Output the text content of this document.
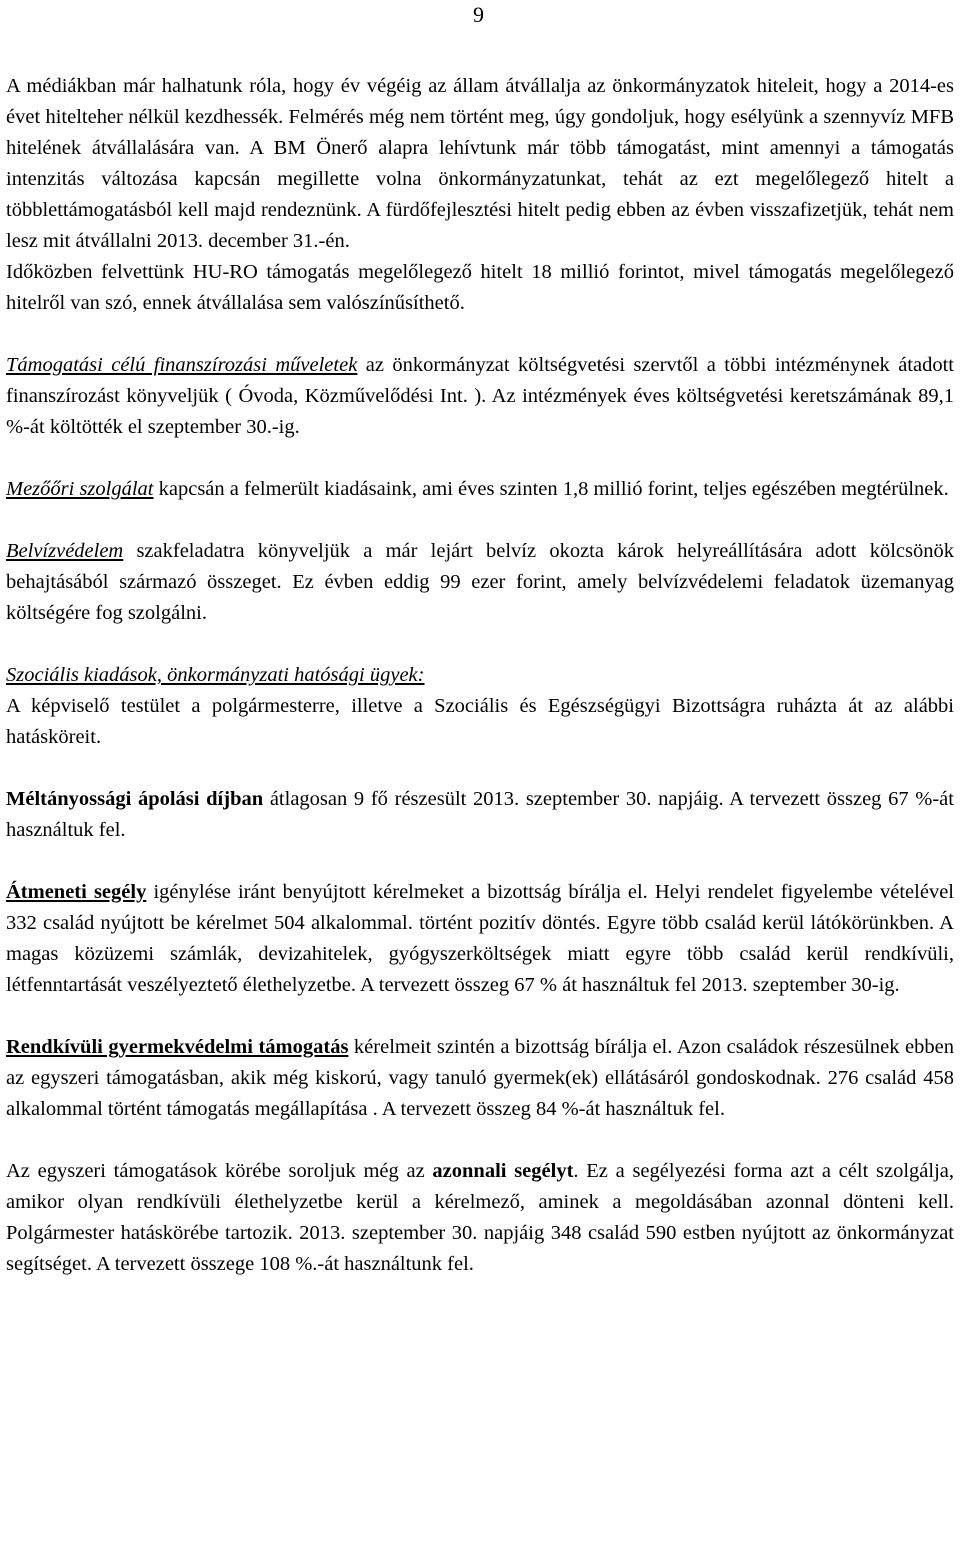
9

A médiákban már halhatunk róla, hogy év végéig az állam átvállalja az önkormányzatok hiteleit, hogy a 2014-es évet hitelteher nélkül kezdhessék. Felmérés még nem történt meg, úgy gondoljuk, hogy esélyünk a szennyvíz MFB hitelének átvállalására van. A BM Önerő alapra lehívtunk már több támogatást, mint amennyi a támogatás intenzitás változása kapcsán megillette volna önkormányzatunkat, tehát az ezt megelőlegező hitelt a többlettámogatásból kell majd rendeznünk. A fürdőfejlesztési hitelt pedig ebben az évben visszafizetjük, tehát nem lesz mit átvállalni 2013. december 31.-én.

Időközben felvettünk HU-RO támogatás megelőlegező hitelt 18 millió forintot, mivel támogatás megelőlegező hitelről van szó, ennek átvállalása sem valószínűsíthető.

Támogatási célú finanszírozási műveletek az önkormányzat költségvetési szervtől a többi intézménynek átadott finanszírozást könyveljük ( Óvoda, Közművelődési Int. ). Az intézmények éves költségvetési keretszámának 89,1 %-át költötték el szeptember 30.-ig.

Mezőőri szolgálat kapcsán a felmerült kiadásaink, ami éves szinten 1,8 millió forint, teljes egészében megtérülnek.

Belvízvédelem szakfeladatra könyveljük a már lejárt belvíz okozta károk helyreállítására adott kölcsönök behajtásából származó összeget. Ez évben eddig 99 ezer forint, amely belvízvédelemi feladatok üzemanyag költségére fog szolgálni.

Szociális kiadások, önkormányzati hatósági ügyek:

A képviselő testület a polgármesterre, illetve a Szociális és Egészségügyi Bizottságra ruházta át az alábbi hatásköreit.

Méltányossági ápolási díjban átlagosan 9 fő részesült 2013. szeptember 30. napjáig. A tervezett összeg 67 %-át használtuk fel.

Átmeneti segély igénylése iránt benyújtott kérelmeket a bizottság bírálja el. Helyi rendelet figyelembe vételével 332 család nyújtott be kérelmet 504 alkalommal. történt pozitív döntés. Egyre több család kerül látókörünkben. A magas közüzemi számlák, devizahitelek, gyógyszerköltségek miatt egyre több család kerül rendkívüli, létfenntartását veszélyeztető élethelyzetbe. A tervezett összeg 67 % át használtuk fel 2013. szeptember 30-ig.

Rendkívüli gyermekvédelmi támogatás kérelmeit szintén a bizottság bírálja el. Azon családok részesülnek ebben az egyszeri támogatásban, akik még kiskorú, vagy tanuló gyermek(ek) ellátásáról gondoskodnak. 276 család 458 alkalommal történt támogatás megállapítása . A tervezett összeg 84 %-át használtuk fel.

Az egyszeri támogatások körébe soroljuk még az azonnali segélyt. Ez a segélyezési forma azt a célt szolgálja, amikor olyan rendkívüli élethelyzetbe kerül a kérelmező, aminek a megoldásában azonnal dönteni kell. Polgármester hatáskörébe tartozik. 2013. szeptember 30. napjáig 348 család 590 estben nyújtott az önkormányzat segítséget. A tervezett összege 108 %.-át használtunk fel.
